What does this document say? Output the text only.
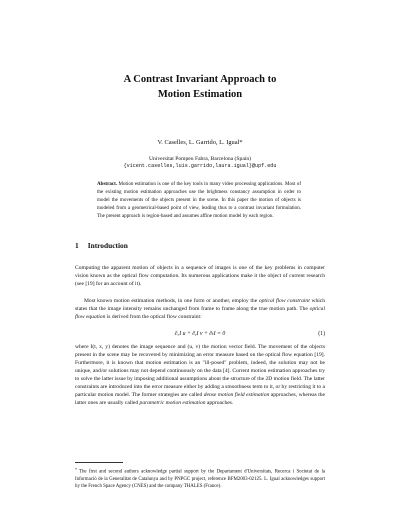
A Contrast Invariant Approach to
Motion Estimation
V. Caselles, L. Garrido, L. Igual*
Universitat Pompeu Fabra, Barcelona (Spain)
{vicent.caselles,luis.garrido,laura.igual}@upf.edu

Abstract. Motion estimation is one of the key tools in many video processing applications. Most of the existing motion estimation approaches use the brightness constancy assumption in order to model the movements of the objects present in the scene. In this paper the motion of objects is modeled from a geometrical-based point of view, leading thus to a contrast invariant formulation. The present approach is region-based and assumes affine motion model by each region.

1 Introduction

Computing the apparent motion of objects in a sequence of images is one of the key problems in computer vision known as the optical flow computation. Its numerous applications make it the object of current research (see [19] for an account of it).

Most known motion estimation methods, in one form or another, employ the optical flow constraint which states that the image intensity remains unchanged from frame to frame along the true motion path. The optical flow equation is derived from the optical flow constraint:

∂ₓI u + ∂ᵧI v + ∂ₜI = 0	(1)

where I(t, x, y) denotes the image sequence and (u, v) the motion vector field. The movement of the objects present in the scene may be recovered by minimizing an error measure based on the optical flow equation [19]. Furthermore, it is known that motion estimation is an "ill-posed" problem, indeed, the solution may not be unique, and/or solutions may not depend continuously on the data [4]. Current motion estimation approaches try to solve the latter issue by imposing additional assumptions about the structure of the 2D motion field. The latter constraints are introduced into the error measure either by adding a smoothness term to it, or by restricting it to a particular motion model. The former strategies are called dense motion field estimation approaches, whereas the latter ones are usually called parametric motion estimation approaches.

* The first and second authors acknowledge partial support by the Departament d'Universitats, Recerca i Societat de la Informació de la Generalitat de Catalunya and by PNPGC project, reference BFM2003-02125. L. Igual acknowledges support by the French Space Agency (CNES) and the company THALES (France).
